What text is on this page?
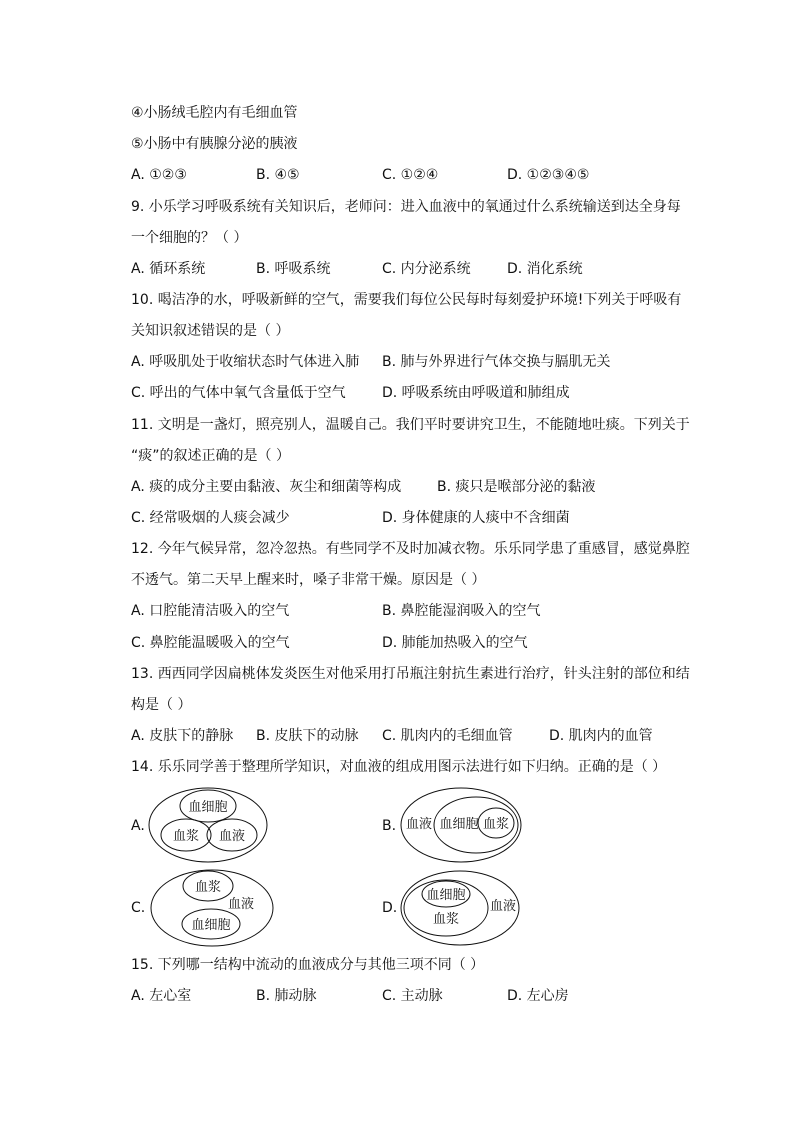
④小肠绒毛腔内有毛细血管
⑤小肠中有胰腺分泌的胰液
A. ①②③	B. ④⑤	C. ①②④	D. ①②③④⑤
9. 小乐学习呼吸系统有关知识后，老师问：进入血液中的氧通过什么系统输送到达全身每
一个细胞的？（ ）
A. 循环系统	B. 呼吸系统	C. 内分泌系统	D. 消化系统
10. 喝洁净的水，呼吸新鲜的空气，需要我们每位公民每时每刻爱护环境!下列关于呼吸有
关知识叙述错误的是（ ）
A. 呼吸肌处于收缩状态时气体进入肺 B. 肺与外界进行气体交换与膈肌无关
C. 呼出的气体中氧气含量低于空气	D. 呼吸系统由呼吸道和肺组成
11. 文明是一盏灯，照亮别人，温暖自己。我们平时要讲究卫生，不能随地吐痰。下列关于
“痰”的叙述正确的是（ ）
A. 痰的成分主要由黏液、灰尘和细菌等构成	B. 痰只是喉部分泌的黏液
C. 经常吸烟的人痰会减少	D. 身体健康的人痰中不含细菌
12. 今年气候异常，忽冷忽热。有些同学不及时加减衣物。乐乐同学患了重感冒，感觉鼻腔
不透气。第二天早上醒来时，嗓子非常干燥。原因是（ ）
A. 口腔能清洁吸入的空气	B. 鼻腔能湿润吸入的空气
C. 鼻腔能温暖吸入的空气	D. 肺能加热吸入的空气
13. 西西同学因扁桃体发炎医生对他采用打吊瓶注射抗生素进行治疗，针头注射的部位和结
构是（ ）
A. 皮肤下的静脉 B. 皮肤下的动脉 C. 肌肉内的毛细血管	D. 肌肉内的血管
14. 乐乐同学善于整理所学知识，对血液的组成用图示法进行如下归纳。正确的是（ ）
A.
血细胞
血浆 血液
B. 血液 血细胞 血浆
C.
血浆
血液
血细胞
D.
血细胞
血浆
血液
15. 下列哪一结构中流动的血液成分与其他三项不同（ ）
A. 左心室	B. 肺动脉	C. 主动脉	D. 左心房
